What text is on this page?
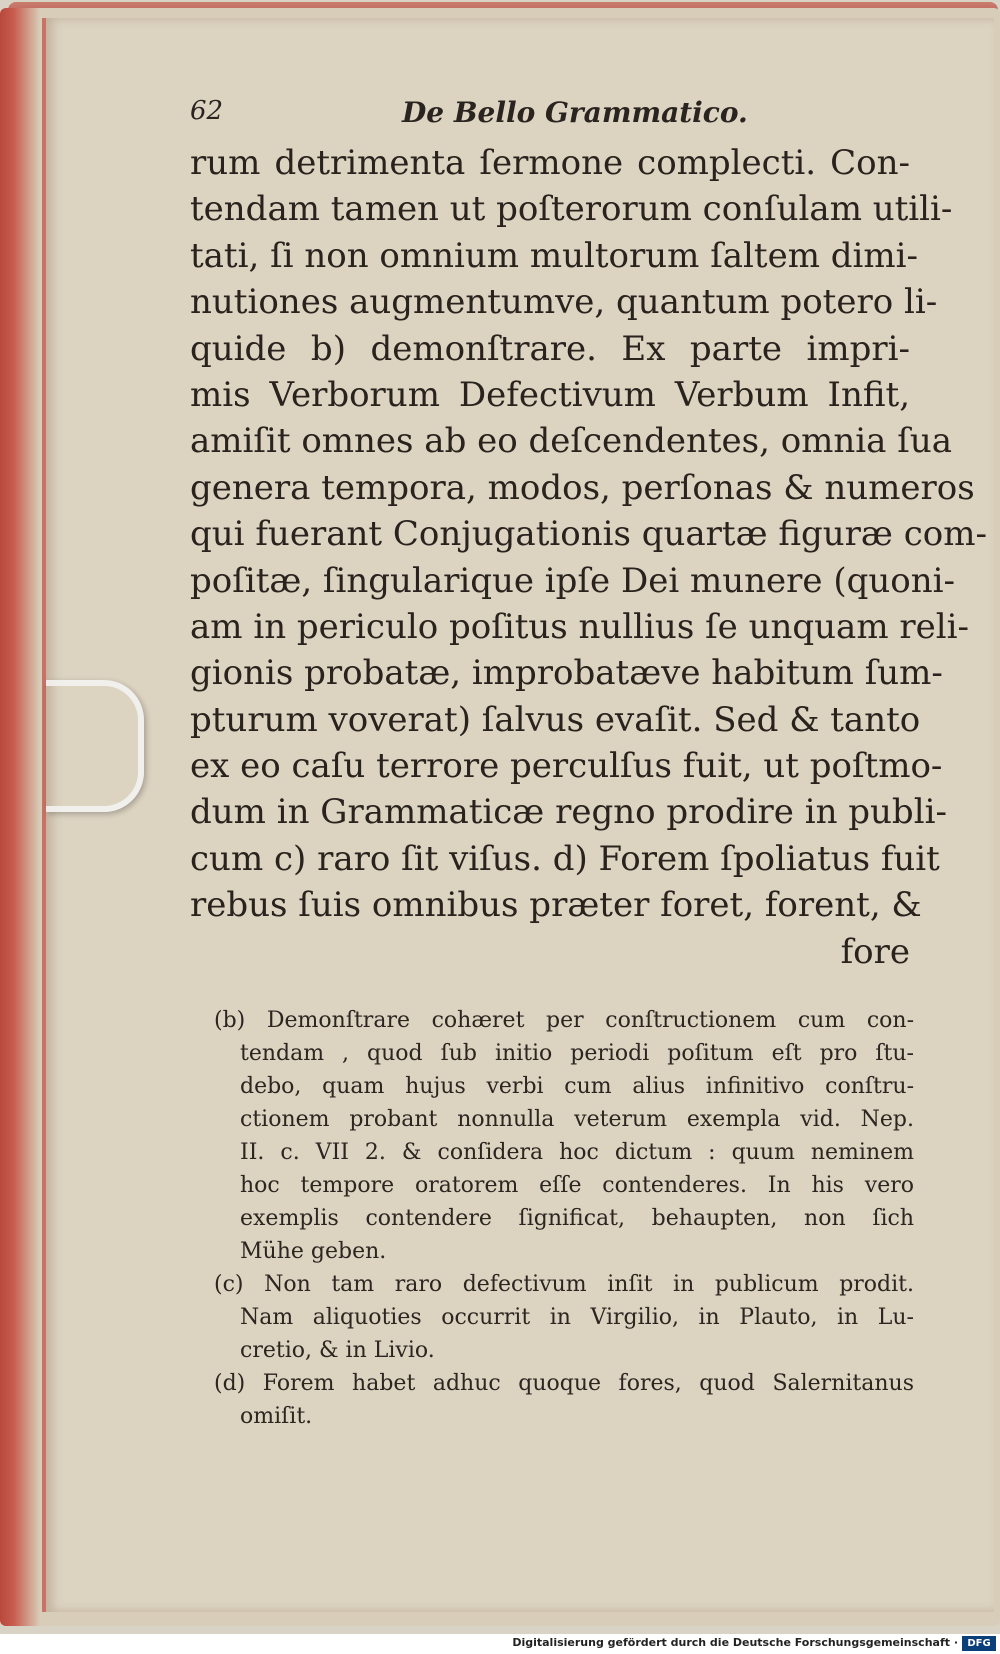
62	De Bello Grammatico.
rum detrimenta ſermone complecti. Con-
tendam tamen ut poſterorum conſulam utili-
tati, ſi non omnium multorum ſaltem dimi-
nutiones augmentumve, quantum potero li-
quide b) demonſtrare. Ex parte impri-
mis Verborum Defectivum Verbum Infit,
amiſit omnes ab eo deſcendentes, omnia ſua
genera tempora, modos, perſonas & numeros
qui fuerant Conjugationis quartæ figuræ com-
poſitæ, ſingularique ipſe Dei munere (quoni-
am in periculo poſitus nullius ſe unquam reli-
gionis probatæ, improbatæve habitum ſum-
pturum voverat) ſalvus evaſit. Sed & tanto
ex eo caſu terrore perculſus fuit, ut poſtmo-
dum in Grammaticæ regno prodire in publi-
cum c) raro ſit viſus. d) Forem ſpoliatus fuit
rebus ſuis omnibus præter foret, forent, &
fore
(b) Demonſtrare cohæret per conſtructionem cum con-
tendam , quod ſub initio periodi poſitum eſt pro ſtu-
debo, quam hujus verbi cum alius infinitivo conſtru-
ctionem probant nonnulla veterum exempla vid. Nep.
II. c. VII 2. & conſidera hoc dictum : quum neminem
hoc tempore oratorem eſſe contenderes. In his vero
exemplis contendere ſignificat, behaupten, non ſich
Mühe geben.
(c) Non tam raro defectivum inſit in publicum prodit.
Nam aliquoties occurrit in Virgilio, in Plauto, in Lu-
cretio, & in Livio.
(d) Forem habet adhuc quoque fores, quod Salernitanus
omiſit.
Digitalisierung gefördert durch die Deutsche Forschungsgemeinschaft · DFG
